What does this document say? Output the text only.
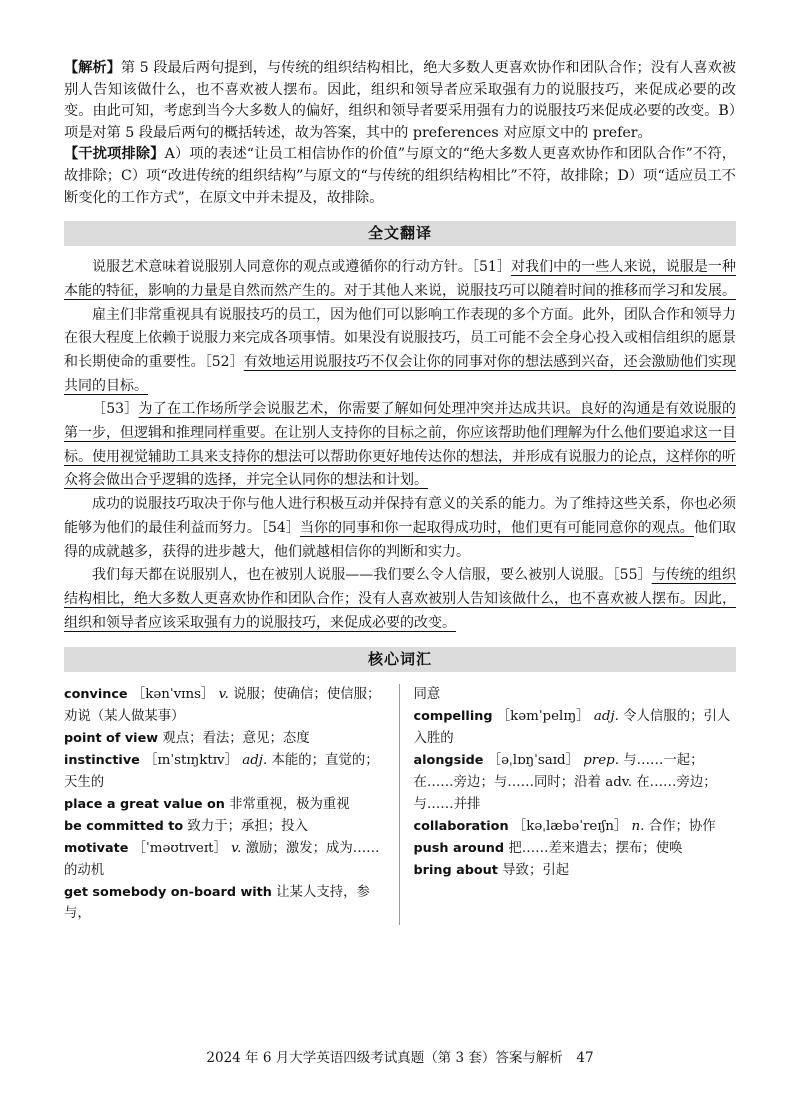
【解析】第 5 段最后两句提到，与传统的组织结构相比，绝大多数人更喜欢协作和团队合作；没有人喜欢被别人告知该做什么，也不喜欢被人摆布。因此，组织和领导者应采取强有力的说服技巧，来促成必要的改变。由此可知，考虑到当今大多数人的偏好，组织和领导者要采用强有力的说服技巧来促成必要的改变。B）项是对第 5 段最后两句的概括转述，故为答案，其中的 preferences 对应原文中的 prefer。

【干扰项排除】A）项的表述“让员工相信协作的价值”与原文的“绝大多数人更喜欢协作和团队合作”不符，故排除；C）项“改进传统的组织结构”与原文的“与传统的组织结构相比”不符，故排除；D）项“适应员工不断变化的工作方式”，在原文中并未提及，故排除。

全文翻译

说服艺术意味着说服别人同意你的观点或遵循你的行动方针。［51］对我们中的一些人来说，说服是一种本能的特征，影响的力量是自然而然产生的。对于其他人来说，说服技巧可以随着时间的推移而学习和发展。

雇主们非常重视具有说服技巧的员工，因为他们可以影响工作表现的多个方面。此外，团队合作和领导力在很大程度上依赖于说服力来完成各项事情。如果没有说服技巧，员工可能不会全身心投入或相信组织的愿景和长期使命的重要性。［52］有效地运用说服技巧不仅会让你的同事对你的想法感到兴奋，还会激励他们实现共同的目标。

［53］为了在工作场所学会说服艺术，你需要了解如何处理冲突并达成共识。良好的沟通是有效说服的第一步，但逻辑和推理同样重要。在让别人支持你的目标之前，你应该帮助他们理解为什么他们要追求这一目标。使用视觉辅助工具来支持你的想法可以帮助你更好地传达你的想法，并形成有说服力的论点，这样你的听众将会做出合乎逻辑的选择，并完全认同你的想法和计划。

成功的说服技巧取决于你与他人进行积极互动并保持有意义的关系的能力。为了维持这些关系，你也必须能够为他们的最佳利益而努力。［54］当你的同事和你一起取得成功时，他们更有可能同意你的观点。他们取得的成就越多，获得的进步越大，他们就越相信你的判断和实力。

我们每天都在说服别人，也在被别人说服——我们要么令人信服，要么被别人说服。［55］与传统的组织结构相比，绝大多数人更喜欢协作和团队合作；没有人喜欢被别人告知该做什么，也不喜欢被人摆布。因此，组织和领导者应该采取强有力的说服技巧，来促成必要的改变。

核心词汇

convince ［kənˈvɪns］ v. 说服；使确信；使信服；劝说（某人做某事）

point of view 观点；看法；意见；态度

instinctive ［ɪnˈstɪŋktɪv］ adj. 本能的；直觉的；天生的

place a great value on 非常重视，极为重视

be committed to 致力于；承担；投入

motivate ［ˈməʊtɪveɪt］ v. 激励；激发；成为……的动机

get somebody on-board with 让某人支持，参与，

同意

compelling ［kəmˈpelɪŋ］ adj. 令人信服的；引人入胜的

alongside ［əˌlɒŋˈsaɪd］ prep. 与……一起；在……旁边；与……同时；沿着 adv. 在……旁边；与……并排

collaboration ［kəˌlæbəˈreɪʃn］ n. 合作；协作

push around 把……差来遣去；摆布；使唤

bring about 导致；引起

2024 年 6 月大学英语四级考试真题（第 3 套）答案与解析　47
